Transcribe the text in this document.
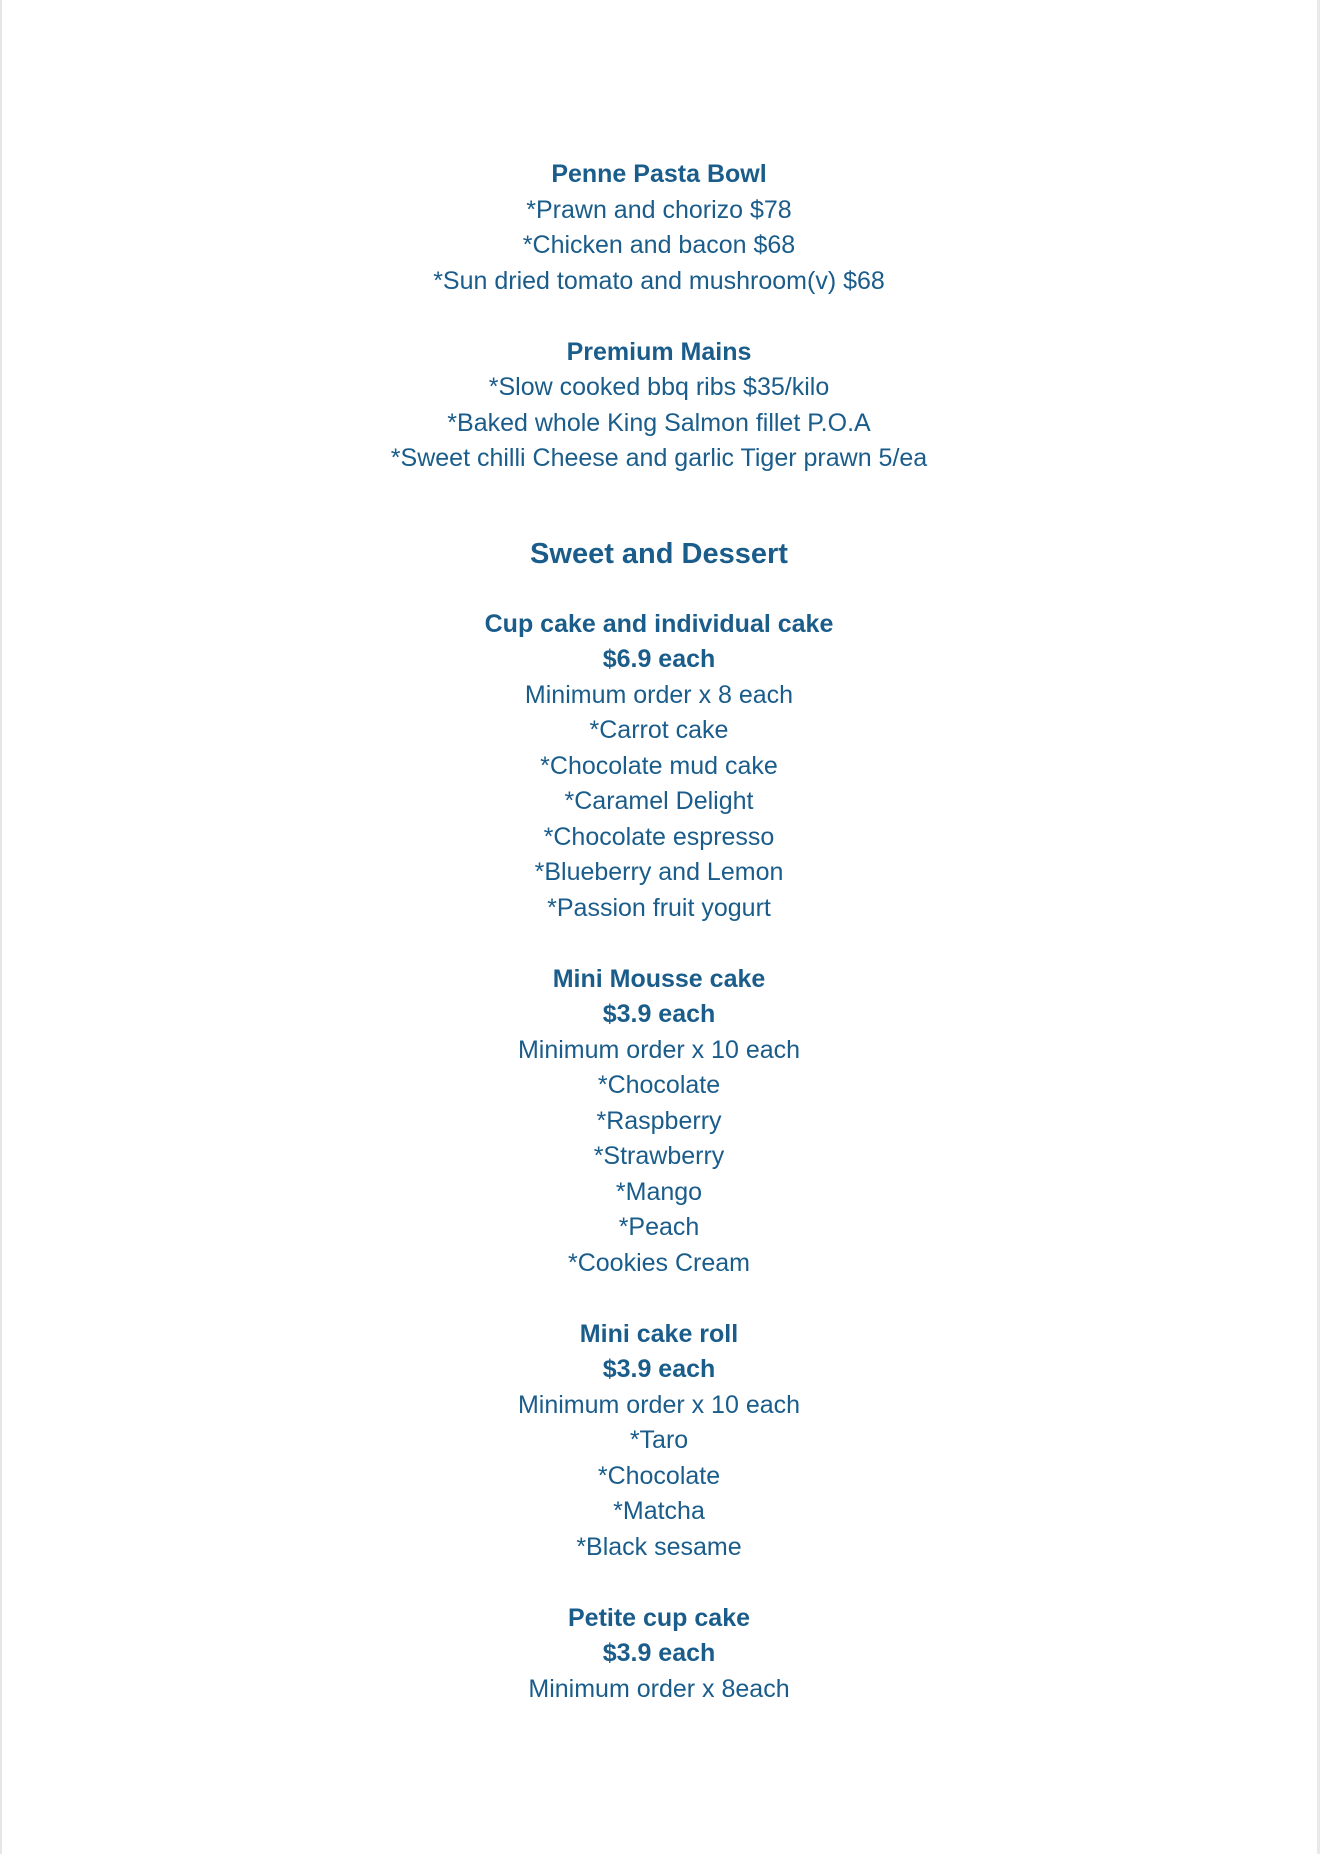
Penne Pasta Bowl
*Prawn and chorizo $78
*Chicken and bacon $68
*Sun dried tomato and mushroom(v) $68
Premium Mains
*Slow cooked bbq ribs $35/kilo
*Baked whole King Salmon fillet P.O.A
*Sweet chilli Cheese and garlic Tiger prawn 5/ea
Sweet and Dessert
Cup cake and individual cake
$6.9 each
Minimum order x 8 each
*Carrot cake
*Chocolate mud cake
*Caramel Delight
*Chocolate espresso
*Blueberry and Lemon
*Passion fruit yogurt
Mini Mousse cake
$3.9 each
Minimum order x 10 each
*Chocolate
*Raspberry
*Strawberry
*Mango
*Peach
*Cookies Cream
Mini cake roll
$3.9 each
Minimum order x 10 each
*Taro
*Chocolate
*Matcha
*Black sesame
Petite cup cake
$3.9 each
Minimum order x 8each
